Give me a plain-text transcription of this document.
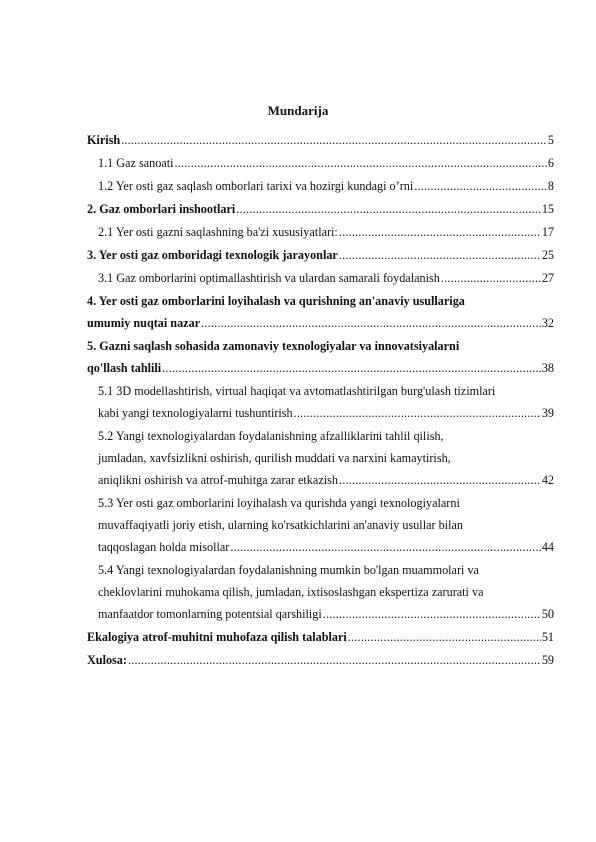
Mundarija
Kirish .....	5
1.1 Gaz sanoati .....	6
1.2 Yer osti gaz saqlash omborlari tarixi va hozirgi kundagi o’rni .....	8
2. Gaz omborlari inshootlari .....	15
2.1 Yer osti gazni saqlashning ba'zi xususiyatlari: .....	17
3. Yer osti gaz omboridagi texnologik jarayonlar .....	25
3.1 Gaz omborlarini optimallashtirish va ulardan samarali foydalanish .....	27
4. Yer osti gaz omborlarini loyihalash va qurishning an'anaviy usullariga
umumiy nuqtai nazar .....	32
5. Gazni saqlash sohasida zamonaviy texnologiyalar va innovatsiyalarni
qo'llash tahlili .....	38
5.1 3D modellashtirish, virtual haqiqat va avtomatlashtirilgan burg'ulash tizimlari
kabi yangi texnologiyalarni tushuntirish .....	39
5.2 Yangi texnologiyalardan foydalanishning afzalliklarini tahlil qilish,
jumladan, xavfsizlikni oshirish, qurilish muddati va narxini kamaytirish,
aniqlikni oshirish va atrof-muhitga zarar etkazish .....	42
5.3 Yer osti gaz omborlarini loyihalash va qurishda yangi texnologiyalarni
muvaffaqiyatli joriy etish, ularning ko'rsatkichlarini an'anaviy usullar bilan
taqqoslagan holda misollar .....	44
5.4 Yangi texnologiyalardan foydalanishning mumkin bo'lgan muammolari va
cheklovlarini muhokama qilish, jumladan, ixtisoslashgan ekspertiza zarurati va
manfaatdor tomonlarning potentsial qarshiligi .....	50
Ekalogiya atrof-muhitni muhofaza qilish talablari .....	51
Xulosa: .....	59
